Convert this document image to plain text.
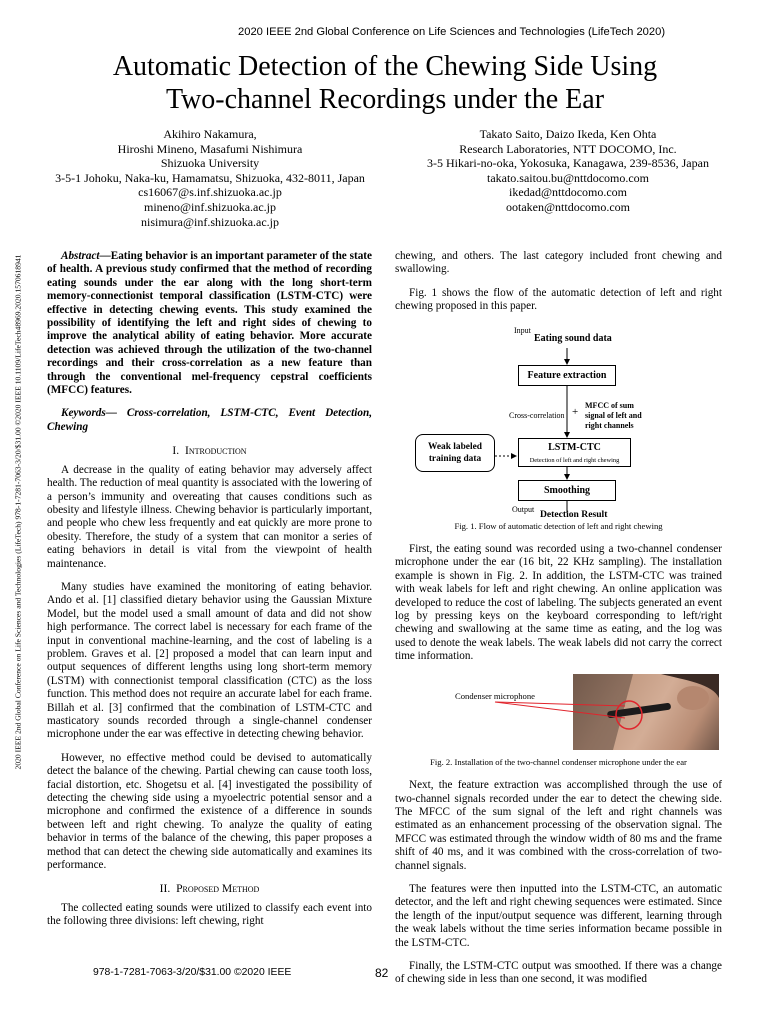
2020 IEEE 2nd Global Conference on Life Sciences and Technologies (LifeTech 2020)
Automatic Detection of the Chewing Side Using
Two-channel Recordings under the Ear
Akihiro Nakamura,
Hiroshi Mineno, Masafumi Nishimura
Shizuoka University
3-5-1 Johoku, Naka-ku, Hamamatsu, Shizuoka, 432-8011, Japan
cs16067@s.inf.shizuoka.ac.jp
mineno@inf.shizuoka.ac.jp
nisimura@inf.shizuoka.ac.jp
Takato Saito, Daizo Ikeda, Ken Ohta
Research Laboratories, NTT DOCOMO, Inc.
3-5 Hikari-no-oka, Yokosuka, Kanagawa, 239-8536, Japan
takato.saitou.bu@nttdocomo.com
ikedad@nttdocomo.com
ootaken@nttdocomo.com
2020 IEEE 2nd Global Conference on Life Sciences and Technologies (LifeTech) 978-1-7281-7063-3/20/$31.00 ©2020 IEEE 10.1109/LifeTech48969.2020.1570618941	Abstract—Eating behavior is an important parameter of the state of health. A previous study confirmed that the method of recording eating sounds under the ear along with the long short-term memory-connectionist temporal classification (LSTM-CTC) were effective in detecting chewing events. This study examined the possibility of identifying the left and right sides of chewing to improve the analytical ability of eating behavior. More accurate detection was achieved through the utilization of the two-channel recordings and their cross-correlation as a new feature than through the conventional mel-frequency cepstral coefficients (MFCC) features.

Keywords— Cross-correlation, LSTM-CTC, Event Detection, Chewing

I. Introduction

A decrease in the quality of eating behavior may adversely affect health. The reduction of meal quantity is associated with the lowering of a person’s immunity and overeating that causes conditions such as obesity and lifestyle illness. Chewing behavior is particularly important, and people who chew less frequently and eat quickly are more prone to obesity. Therefore, the study of a system that can monitor a series of eating behaviors in detail is vital from the viewpoint of health maintenance.

Many studies have examined the monitoring of eating behavior. Ando et al. [1] classified dietary behavior using the Gaussian Mixture Model, but the model used a small amount of data and did not show high performance. The correct label is necessary for each frame of the input in conventional machine-learning, and the cost of labeling is a problem. Graves et al. [2] proposed a model that can learn input and output sequences of different lengths using long short-term memory (LSTM) with connectionist temporal classification (CTC) as the loss function. This method does not require an accurate label for each frame. Billah et al. [3] confirmed that the combination of LSTM-CTC and masticatory sounds recorded through a single-channel condenser microphone under the ear was effective in detecting chewing behavior.

However, no effective method could be devised to automatically detect the balance of the chewing. Partial chewing can cause tooth loss, facial distortion, etc. Shogetsu et al. [4] investigated the possibility of detecting the chewing side using a myoelectric potential sensor and a microphone and confirmed the existence of a difference in sounds between left and right chewing. To analyze the quality of eating behavior in terms of the balance of the chewing, this paper proposes a method that can detect the chewing side automatically and examines its performance.

II. Proposed Method

The collected eating sounds were utilized to classify each event into the following three divisions: left chewing, right

chewing, and others. The last category included front chewing and swallowing.

Fig. 1 shows the flow of the automatic detection of left and right chewing proposed in this paper.

Input
Eating sound data
Feature extraction
Cross-correlation +
MFCC of sum
signal of left and
right channels
Weak labeled
training data
LSTM-CTC
Detection of left and right chewing
Smoothing
Output Detection Result

Fig. 1. Flow of automatic detection of left and right chewing

First, the eating sound was recorded using a two-channel condenser microphone under the ear (16 bit, 22 KHz sampling). The installation example is shown in Fig. 2. In addition, the LSTM-CTC was trained with weak labels for left and right chewing. An online application was developed to reduce the cost of labeling. The subjects generated an event log by pressing keys on the keyboard corresponding to left/right chewing and swallowing at the same time as eating, and the log was used to denote the weak labels. The weak labels did not carry the correct time information.

Condenser microphone

Fig. 2. Installation of the two-channel condenser microphone under the ear

Next, the feature extraction was accomplished through the use of two-channel signals recorded under the ear to detect the chewing side. The MFCC of the sum signal of the left and right channels was estimated as an enhancement processing of the observation signal. The MFCC was estimated through the window width of 80 ms and the frame shift of 40 ms, and it was combined with the cross-correlation of two-channel signals.

The features were then inputted into the LSTM-CTC, an automatic detector, and the left and right chewing sequences were estimated. Since the length of the input/output sequence was different, learning through the weak labels without the time series information became possible in the LSTM-CTC.

Finally, the LSTM-CTC output was smoothed. If there was a change of chewing side in less than one second, it was modified

978-1-7281-7063-3/20/$31.00 ©2020 IEEE	82
